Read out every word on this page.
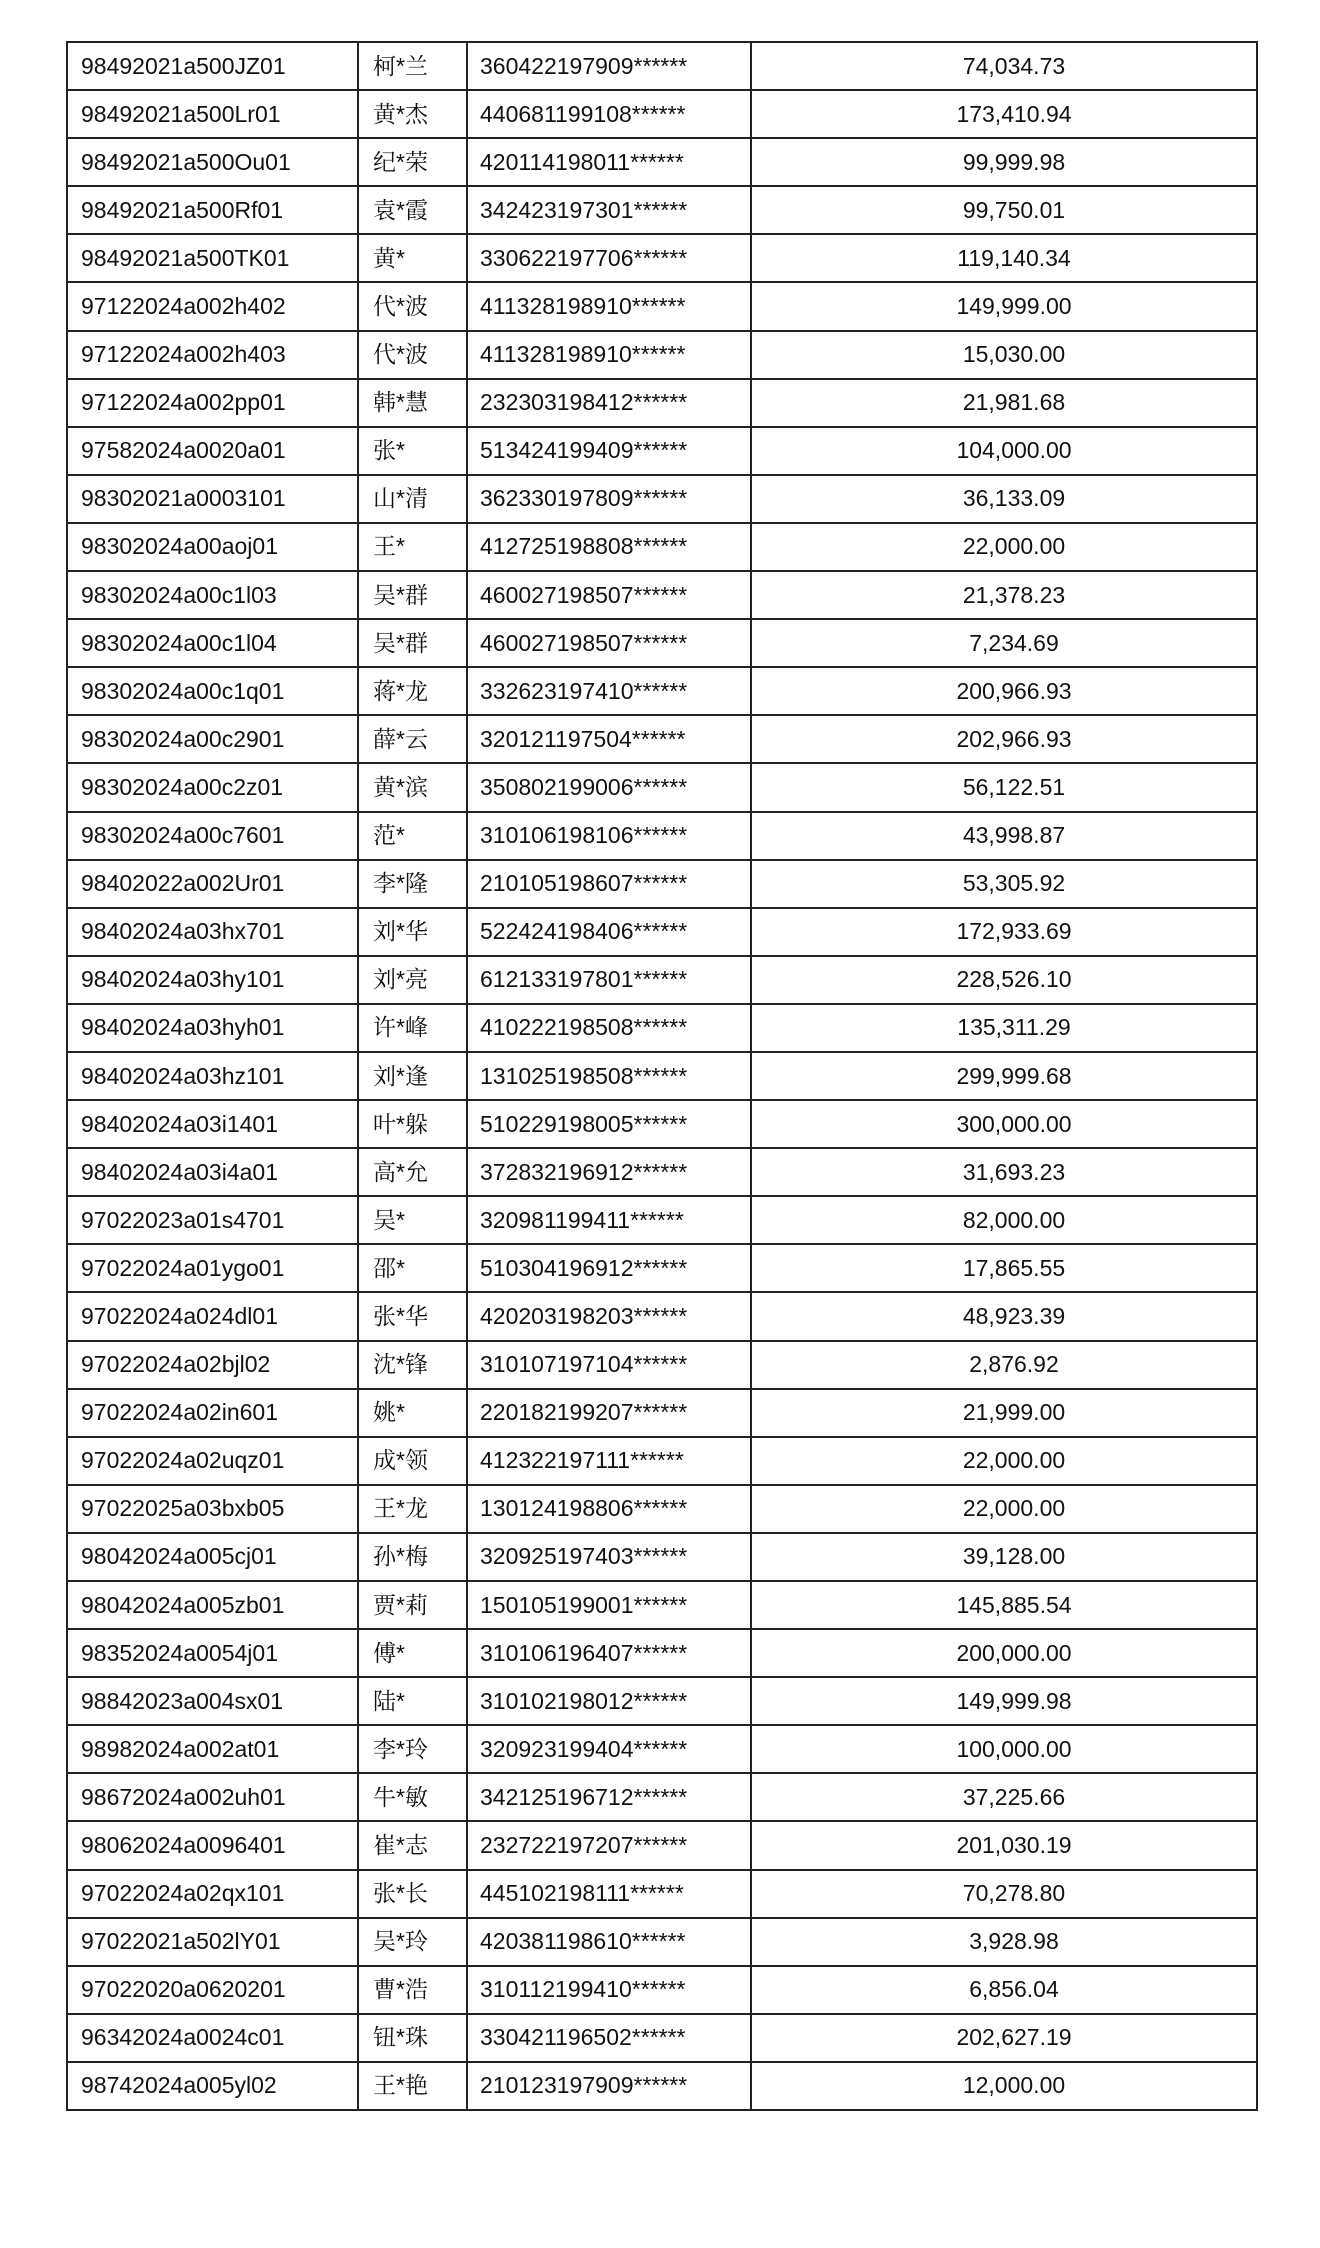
98492021a500JZ01	柯*兰	360422197909******	74,034.73
98492021a500Lr01	黄*杰	440681199108******	173,410.94
98492021a500Ou01	纪*荣	420114198011******	99,999.98
98492021a500Rf01	袁*霞	342423197301******	99,750.01
98492021a500TK01	黄*	330622197706******	119,140.34
97122024a002h402	代*波	411328198910******	149,999.00
97122024a002h403	代*波	411328198910******	15,030.00
97122024a002pp01	韩*慧	232303198412******	21,981.68
97582024a0020a01	张*	513424199409******	104,000.00
98302021a0003101	山*清	362330197809******	36,133.09
98302024a00aoj01	王*	412725198808******	22,000.00
98302024a00c1l03	吴*群	460027198507******	21,378.23
98302024a00c1l04	吴*群	460027198507******	7,234.69
98302024a00c1q01	蒋*龙	332623197410******	200,966.93
98302024a00c2901	薛*云	320121197504******	202,966.93
98302024a00c2z01	黄*滨	350802199006******	56,122.51
98302024a00c7601	范*	310106198106******	43,998.87
98402022a002Ur01	李*隆	210105198607******	53,305.92
98402024a03hx701	刘*华	522424198406******	172,933.69
98402024a03hy101	刘*亮	612133197801******	228,526.10
98402024a03hyh01	许*峰	410222198508******	135,311.29
98402024a03hz101	刘*逢	131025198508******	299,999.68
98402024a03i1401	叶*躲	510229198005******	300,000.00
98402024a03i4a01	高*允	372832196912******	31,693.23
97022023a01s4701	吴*	320981199411******	82,000.00
97022024a01ygo01	邵*	510304196912******	17,865.55
97022024a024dl01	张*华	420203198203******	48,923.39
97022024a02bjl02	沈*锋	310107197104******	2,876.92
97022024a02in601	姚*	220182199207******	21,999.00
97022024a02uqz01	成*领	412322197111******	22,000.00
97022025a03bxb05	王*龙	130124198806******	22,000.00
98042024a005cj01	孙*梅	320925197403******	39,128.00
98042024a005zb01	贾*莉	150105199001******	145,885.54
98352024a0054j01	傅*	310106196407******	200,000.00
98842023a004sx01	陆*	310102198012******	149,999.98
98982024a002at01	李*玲	320923199404******	100,000.00
98672024a002uh01	牛*敏	342125196712******	37,225.66
98062024a0096401	崔*志	232722197207******	201,030.19
97022024a02qx101	张*长	445102198111******	70,278.80
97022021a502lY01	吴*玲	420381198610******	3,928.98
97022020a0620201	曹*浩	310112199410******	6,856.04
96342024a0024c01	钮*珠	330421196502******	202,627.19
98742024a005yl02	王*艳	210123197909******	12,000.00
